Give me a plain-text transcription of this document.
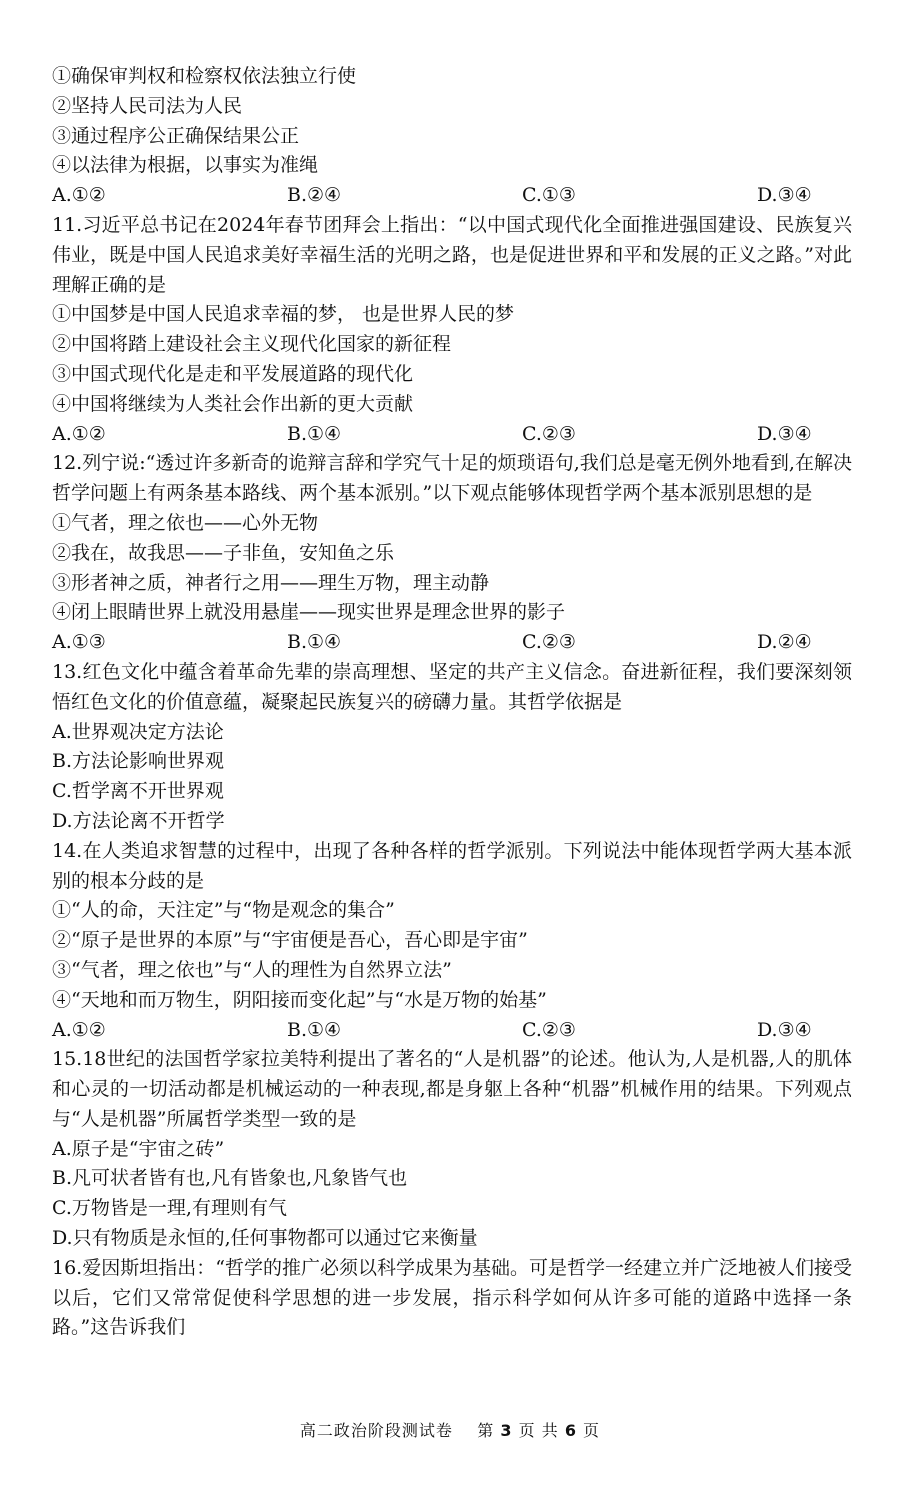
①确保审判权和检察权依法独立行使
②坚持人民司法为人民
③通过程序公正确保结果公正
④以法律为根据，以事实为准绳
A.①②	B.②④	C.①③	D.③④
11.习近平总书记在2024年春节团拜会上指出：“以中国式现代化全面推进强国建设、民族复兴伟业，既是中国人民追求美好幸福生活的光明之路，也是促进世界和平和发展的正义之路。”对此理解正确的是
①中国梦是中国人民追求幸福的梦， 也是世界人民的梦
②中国将踏上建设社会主义现代化国家的新征程
③中国式现代化是走和平发展道路的现代化
④中国将继续为人类社会作出新的更大贡献
A.①②	B.①④	C.②③	D.③④
12.列宁说:“透过许多新奇的诡辩言辞和学究气十足的烦琐语句,我们总是毫无例外地看到,在解决哲学问题上有两条基本路线、两个基本派别。”以下观点能够体现哲学两个基本派别思想的是
①气者，理之依也——心外无物
②我在，故我思——子非鱼，安知鱼之乐
③形者神之质，神者行之用——理生万物，理主动静
④闭上眼睛世界上就没用悬崖——现实世界是理念世界的影子
A.①③	B.①④	C.②③	D.②④
13.红色文化中蕴含着革命先辈的崇高理想、坚定的共产主义信念。奋进新征程，我们要深刻领悟红色文化的价值意蕴，凝聚起民族复兴的磅礴力量。其哲学依据是
A.世界观决定方法论
B.方法论影响世界观
C.哲学离不开世界观
D.方法论离不开哲学
14.在人类追求智慧的过程中，出现了各种各样的哲学派别。下列说法中能体现哲学两大基本派别的根本分歧的是
①“人的命，天注定”与“物是观念的集合”
②“原子是世界的本原”与“宇宙便是吾心，吾心即是宇宙”
③“气者，理之依也”与“人的理性为自然界立法”
④“天地和而万物生，阴阳接而变化起”与“水是万物的始基”
A.①②	B.①④	C.②③	D.③④
15.18世纪的法国哲学家拉美特利提出了著名的“人是机器”的论述。他认为,人是机器,人的肌体和心灵的一切活动都是机械运动的一种表现,都是身躯上各种“机器”机械作用的结果。下列观点与“人是机器”所属哲学类型一致的是
A.原子是“宇宙之砖”
B.凡可状者皆有也,凡有皆象也,凡象皆气也
C.万物皆是一理,有理则有气
D.只有物质是永恒的,任何事物都可以通过它来衡量
16.爱因斯坦指出：“哲学的推广必须以科学成果为基础。可是哲学一经建立并广泛地被人们接受以后，它们又常常促使科学思想的进一步发展，指示科学如何从许多可能的道路中选择一条路。”这告诉我们
高二政治阶段测试卷 第 3 页 共 6 页
